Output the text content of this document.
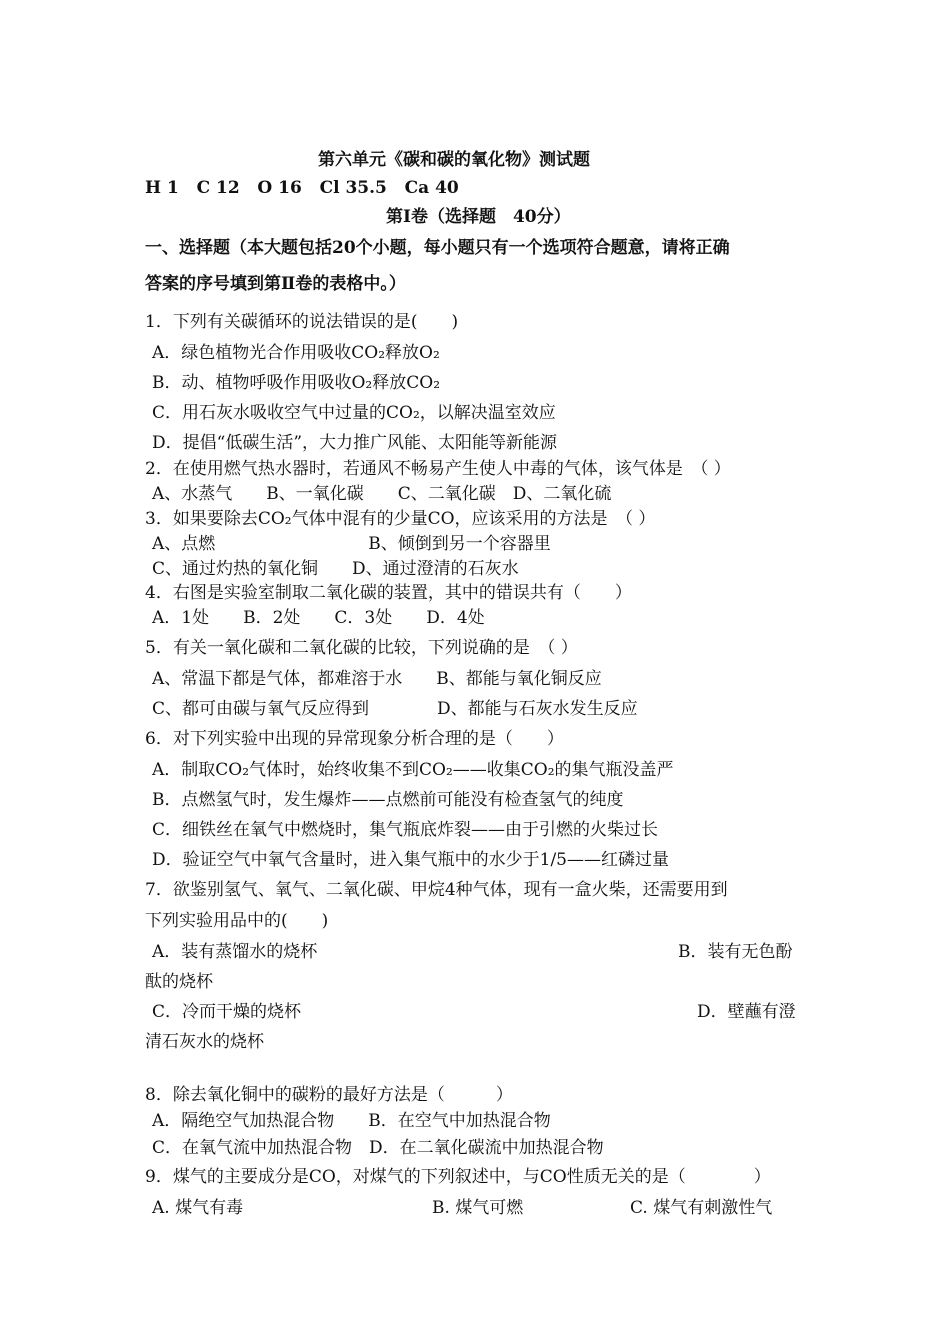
第六单元《碳和碳的氧化物》测试题
H 1   C 12   O 16   Cl 35.5   Ca 40
第Ⅰ卷（选择题　40分）
一、选择题（本大题包括20个小题，每小题只有一个选项符合题意，请将正确
答案的序号填到第Ⅱ卷的表格中。）
1．下列有关碳循环的说法错误的是(　　)
A．绿色植物光合作用吸收CO₂释放O₂
B．动、植物呼吸作用吸收O₂释放CO₂
C．用石灰水吸收空气中过量的CO₂，以解决温室效应
D．提倡“低碳生活”，大力推广风能、太阳能等新能源
2．在使用燃气热水器时，若通风不畅易产生使人中毒的气体，该气体是　（ ）
A、水蒸气　　B、一氧化碳　　C、二氧化碳　D、二氧化硫
3．如果要除去CO₂气体中混有的少量CO，应该采用的方法是　（ ）
A、点燃　　　　　　　　　B、倾倒到另一个容器里
C、通过灼热的氧化铜　　D、通过澄清的石灰水
4．右图是实验室制取二氧化碳的装置，其中的错误共有（　　）
A．1处　　B．2处　　C．3处　　D．4处
5．有关一氧化碳和二氧化碳的比较，下列说确的是　（ ）
A、常温下都是气体，都难溶于水　　B、都能与氧化铜反应
C、都可由碳与氧气反应得到　　　　D、都能与石灰水发生反应
6．对下列实验中出现的异常现象分析合理的是（　　）
A．制取CO₂气体时，始终收集不到CO₂——收集CO₂的集气瓶没盖严
B．点燃氢气时，发生爆炸——点燃前可能没有检查氢气的纯度
C．细铁丝在氧气中燃烧时，集气瓶底炸裂——由于引燃的火柴过长
D．验证空气中氧气含量时，进入集气瓶中的水少于1/5——红磷过量
7．欲鉴别氢气、氧气、二氧化碳、甲烷4种气体，现有一盒火柴，还需要用到
下列实验用品中的(　　)
A．装有蒸馏水的烧杯	B．装有无色酚
酞的烧杯
C．冷而干燥的烧杯	D．壁蘸有澄
清石灰水的烧杯
8．除去氧化铜中的碳粉的最好方法是（　　　）
A．隔绝空气加热混合物　　B．在空气中加热混合物
C．在氧气流中加热混合物　D．在二氧化碳流中加热混合物
9．煤气的主要成分是CO，对煤气的下列叙述中，与CO性质无关的是（　　　　）
A. 煤气有毒	B. 煤气可燃	C. 煤气有刺激性气
